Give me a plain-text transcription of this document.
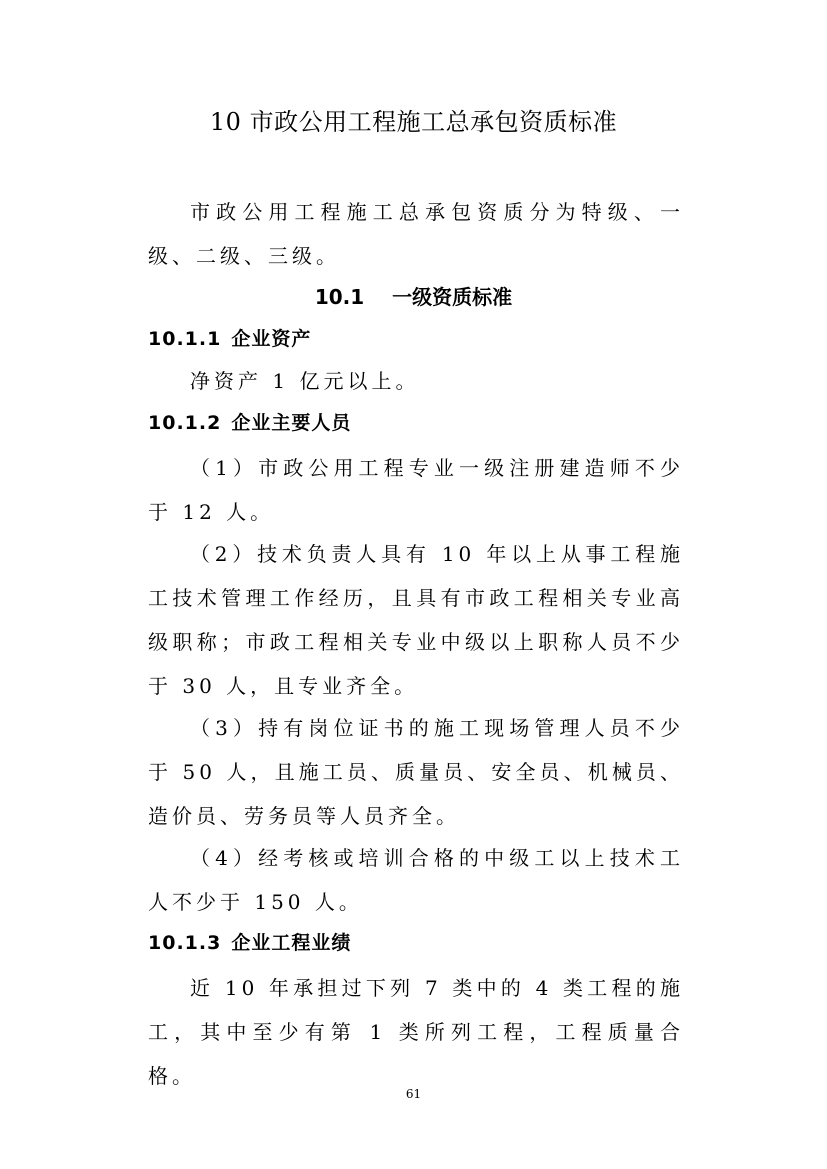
10 市政公用工程施工总承包资质标准
市政公用工程施工总承包资质分为特级、一级、二级、三级。
10.1 一级资质标准
10.1.1 企业资产
净资产 1 亿元以上。
10.1.2 企业主要人员
（1）市政公用工程专业一级注册建造师不少于 12 人。
（2）技术负责人具有 10 年以上从事工程施工技术管理工作经历，且具有市政工程相关专业高级职称；市政工程相关专业中级以上职称人员不少于 30 人，且专业齐全。
（3）持有岗位证书的施工现场管理人员不少于 50 人，且施工员、质量员、安全员、机械员、造价员、劳务员等人员齐全。
（4）经考核或培训合格的中级工以上技术工人不少于 150 人。
10.1.3 企业工程业绩
近 10 年承担过下列 7 类中的 4 类工程的施工，其中至少有第 1 类所列工程，工程质量合格。
61
